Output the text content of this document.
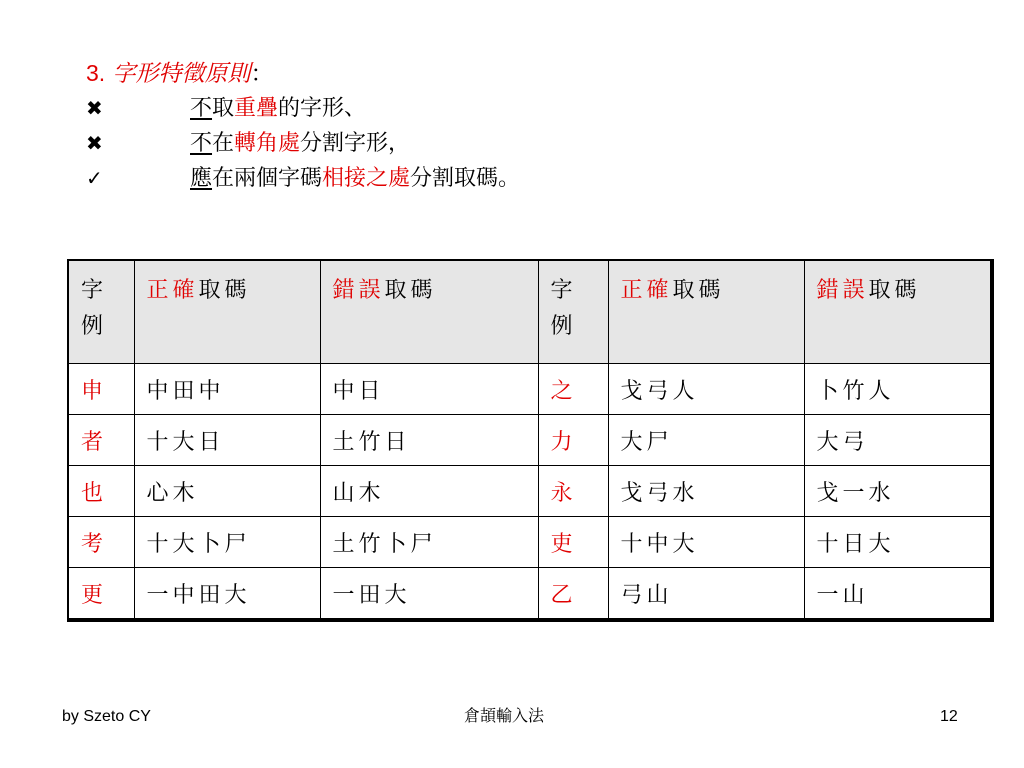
3. 字形特徵原則：
✖	不取重疊的字形、
✖	不在轉角處分割字形，
✓	應在兩個字碼相接之處分割取碼。
字例	正確取碼	錯誤取碼	字例	正確取碼	錯誤取碼
申	中田中	中日	之	戈弓人	卜竹人
者	十大日	土竹日	力	大尸	大弓
也	心木	山木	永	戈弓水	戈一水
考	十大卜尸	土竹卜尸	吏	十中大	十日大
更	一中田大	一田大	乙	弓山	一山
by Szeto CY	倉頡輸入法	12
